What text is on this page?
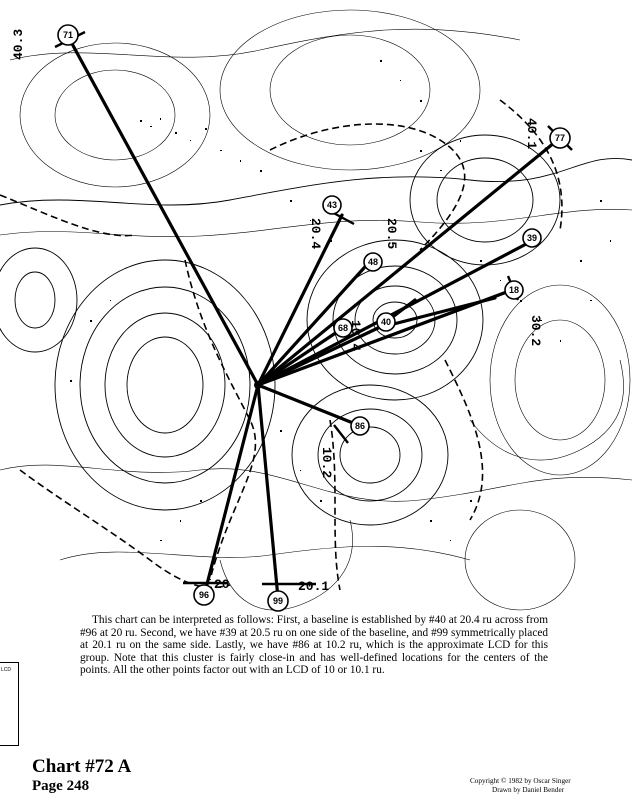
71
77
43
48
39
18
68
40
86
96
99
40.3
40.1
20.4	20.5
10.4	30.2
10.2
20	20.1
LCD

This chart can be interpreted as follows: First, a baseline is established by #40 at 20.4 ru across from #96 at 20 ru. Second, we have #39 at 20.5 ru on one side of the baseline, and #99 symmetrically placed at 20.1 ru on the same side. Lastly, we have #86 at 10.2 ru, which is the approximate LCD for this group. Note that this cluster is fairly close-in and has well-defined locations for the centers of the points. All the other points factor out with an LCD of 10 or 10.1 ru.

Chart #72 A
Page 248	Copyright © 1982 by Oscar Singer
Drawn by Daniel Bender
